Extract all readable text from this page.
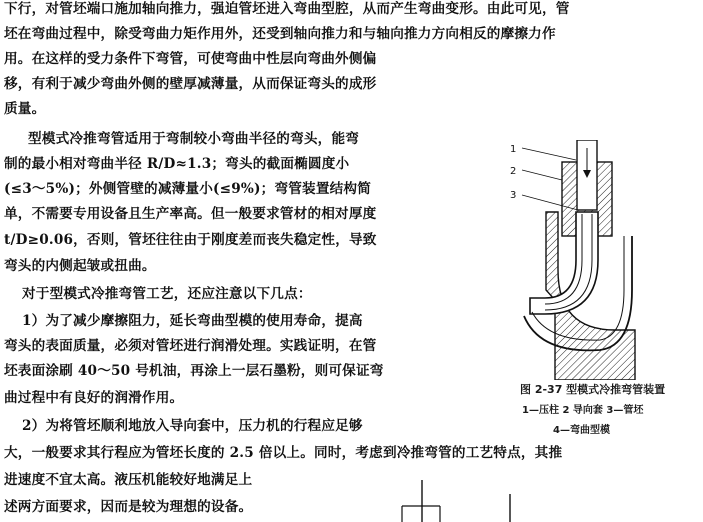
下行，对管坯端口施加轴向推力，强迫管坯进入弯曲型腔，从而产生弯曲变形。由此可见，管
坯在弯曲过程中，除受弯曲力矩作用外，还受到轴向推力和与轴向推力方向相反的摩擦力作
用。在这样的受力条件下弯管，可使弯曲中性层向弯曲外侧偏
移，有利于减少弯曲外侧的壁厚减薄量，从而保证弯头的成形
质量。
型模式冷推弯管适用于弯制较小弯曲半径的弯头，能弯
制的最小相对弯曲半径 R/D≈1.3；弯头的截面椭圆度小
(≤3～5%)；外侧管壁的减薄量小(≤9%)；弯管装置结构简
单，不需要专用设备且生产率高。但一般要求管材的相对厚度
t/D≥0.06，否则，管坯往往由于刚度差而丧失稳定性，导致
弯头的内侧起皱或扭曲。
对于型模式冷推弯管工艺，还应注意以下几点：
1）为了减少摩擦阻力，延长弯曲型模的使用寿命，提高
弯头的表面质量，必须对管坯进行润滑处理。实践证明，在管
坯表面涂刷 40～50 号机油，再涂上一层石墨粉，则可保证弯
曲过程中有良好的润滑作用。
2）为将管坯顺利地放入导向套中，压力机的行程应足够
大，一般要求其行程应为管坯长度的 2.5 倍以上。同时，考虑到冷推弯管的工艺特点，其推
进速度不宜太高。液压机能较好地满足上
述两方面要求，因而是较为理想的设备。
1
2
3
图 2-37 型模式冷推弯管装置
1—压柱 2 导向套 3—管坯
4—弯曲型模
